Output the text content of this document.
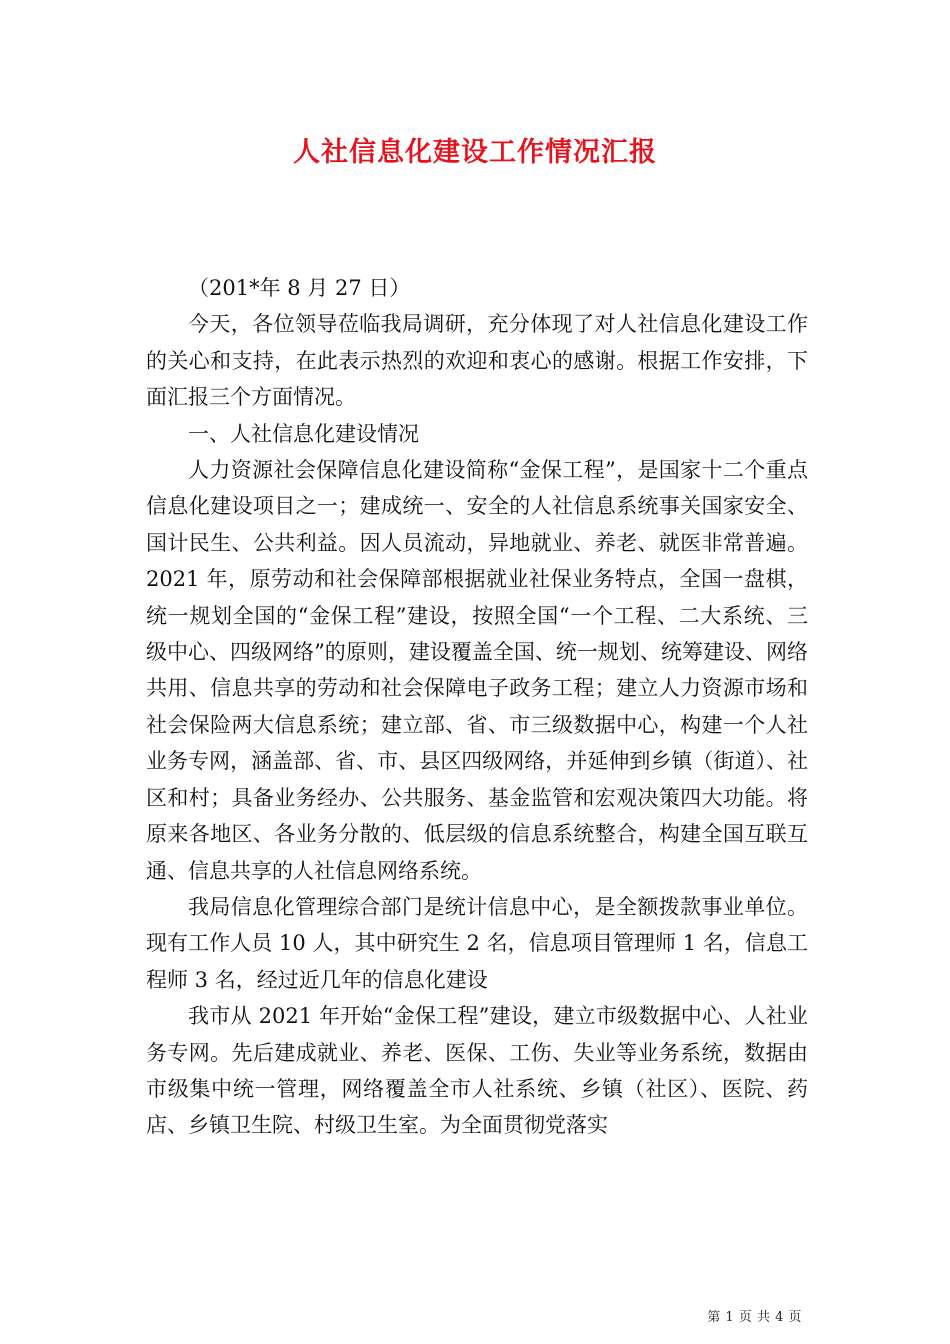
人社信息化建设工作情况汇报

（201*年 8 月 27 日）

今天，各位领导莅临我局调研，充分体现了对人社信息化建设工作的关心和支持，在此表示热烈的欢迎和衷心的感谢。根据工作安排，下面汇报三个方面情况。

一、人社信息化建设情况

人力资源社会保障信息化建设简称“金保工程”，是国家十二个重点信息化建设项目之一；建成统一、安全的人社信息系统事关国家安全、国计民生、公共利益。因人员流动，异地就业、养老、就医非常普遍。2021 年，原劳动和社会保障部根据就业社保业务特点，全国一盘棋，统一规划全国的“金保工程”建设，按照全国“一个工程、二大系统、三级中心、四级网络”的原则，建设覆盖全国、统一规划、统筹建设、网络共用、信息共享的劳动和社会保障电子政务工程；建立人力资源市场和社会保险两大信息系统；建立部、省、市三级数据中心，构建一个人社业务专网，涵盖部、省、市、县区四级网络，并延伸到乡镇（街道）、社区和村；具备业务经办、公共服务、基金监管和宏观决策四大功能。将原来各地区、各业务分散的、低层级的信息系统整合，构建全国互联互通、信息共享的人社信息网络系统。

我局信息化管理综合部门是统计信息中心，是全额拨款事业单位。现有工作人员 10 人，其中研究生 2 名，信息项目管理师 1 名，信息工程师 3 名，经过近几年的信息化建设

我市从 2021 年开始“金保工程”建设，建立市级数据中心、人社业务专网。先后建成就业、养老、医保、工伤、失业等业务系统，数据由市级集中统一管理，网络覆盖全市人社系统、乡镇（社区）、医院、药店、乡镇卫生院、村级卫生室。为全面贯彻党落实

第 1 页 共 4 页
